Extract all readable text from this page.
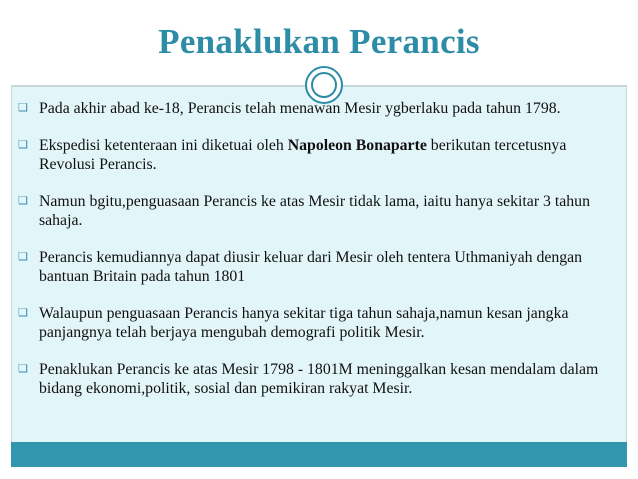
Penaklukan Perancis
❑ Pada akhir abad ke-18, Perancis telah menawan Mesir ygberlaku pada tahun 1798.
❑ Ekspedisi ketenteraan ini diketuai oleh Napoleon Bonaparte berikutan tercetusnya Revolusi Perancis.
❑ Namun bgitu,penguasaan Perancis ke atas Mesir tidak lama, iaitu hanya sekitar 3 tahun sahaja.
❑ Perancis kemudiannya dapat diusir keluar dari Mesir oleh tentera Uthmaniyah dengan bantuan Britain pada tahun 1801
❑ Walaupun penguasaan Perancis hanya sekitar tiga tahun sahaja,namun kesan jangka panjangnya telah berjaya mengubah demografi politik Mesir.
❑ Penaklukan Perancis ke atas Mesir 1798 - 1801M meninggalkan kesan mendalam dalam bidang ekonomi,politik, sosial dan pemikiran rakyat Mesir.
